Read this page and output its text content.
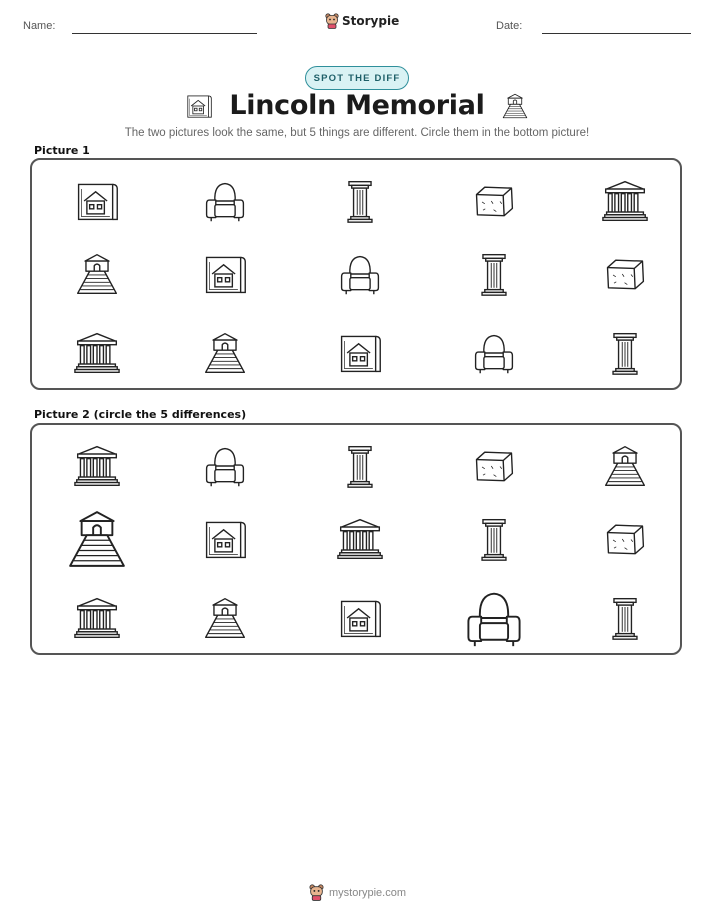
Name:	Storypie	Date:
SPOT THE DIFF
Lincoln Memorial
The two pictures look the same, but 5 things are different. Circle them in the bottom picture!
Picture 1
Picture 2 (circle the 5 differences)
mystorypie.com
